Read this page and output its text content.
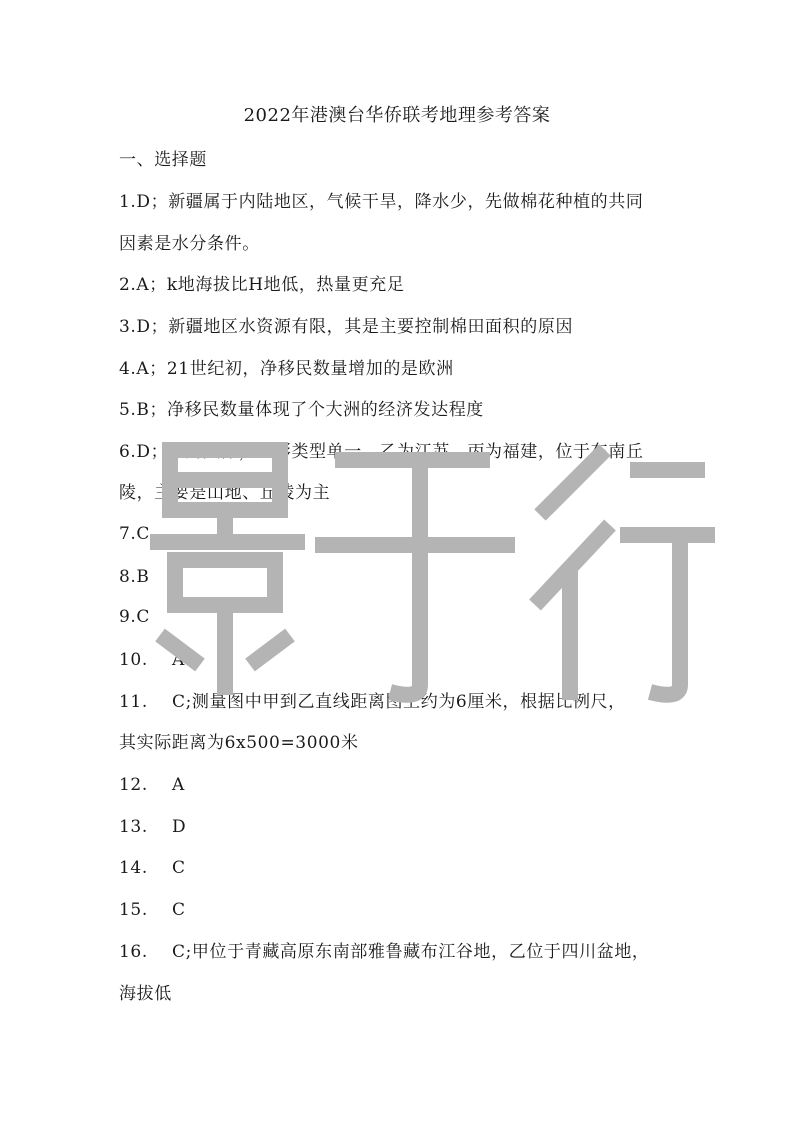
2022年港澳台华侨联考地理参考答案
一、选择题
1.D；新疆属于内陆地区，气候干旱，降水少，先做棉花种植的共同
因素是水分条件。
2.A；k地海拔比H地低，热量更充足
3.D；新疆地区水资源有限，其是主要控制棉田面积的原因
4.A；21世纪初，净移民数量增加的是欧洲
5.B；净移民数量体现了个大洲的经济发达程度
6.D；甲为天津，地形类型单一，乙为江苏，丙为福建，位于东南丘
陵，主要是山地、丘陵为主
7.C
8.B
9.C
10. A
11. C;测量图中甲到乙直线距离图上约为6厘米，根据比例尺，
其实际距离为6x500=3000米
12. A
13. D
14. C
15. C
16. C;甲位于青藏高原东南部雅鲁藏布江谷地，乙位于四川盆地，
海拔低
